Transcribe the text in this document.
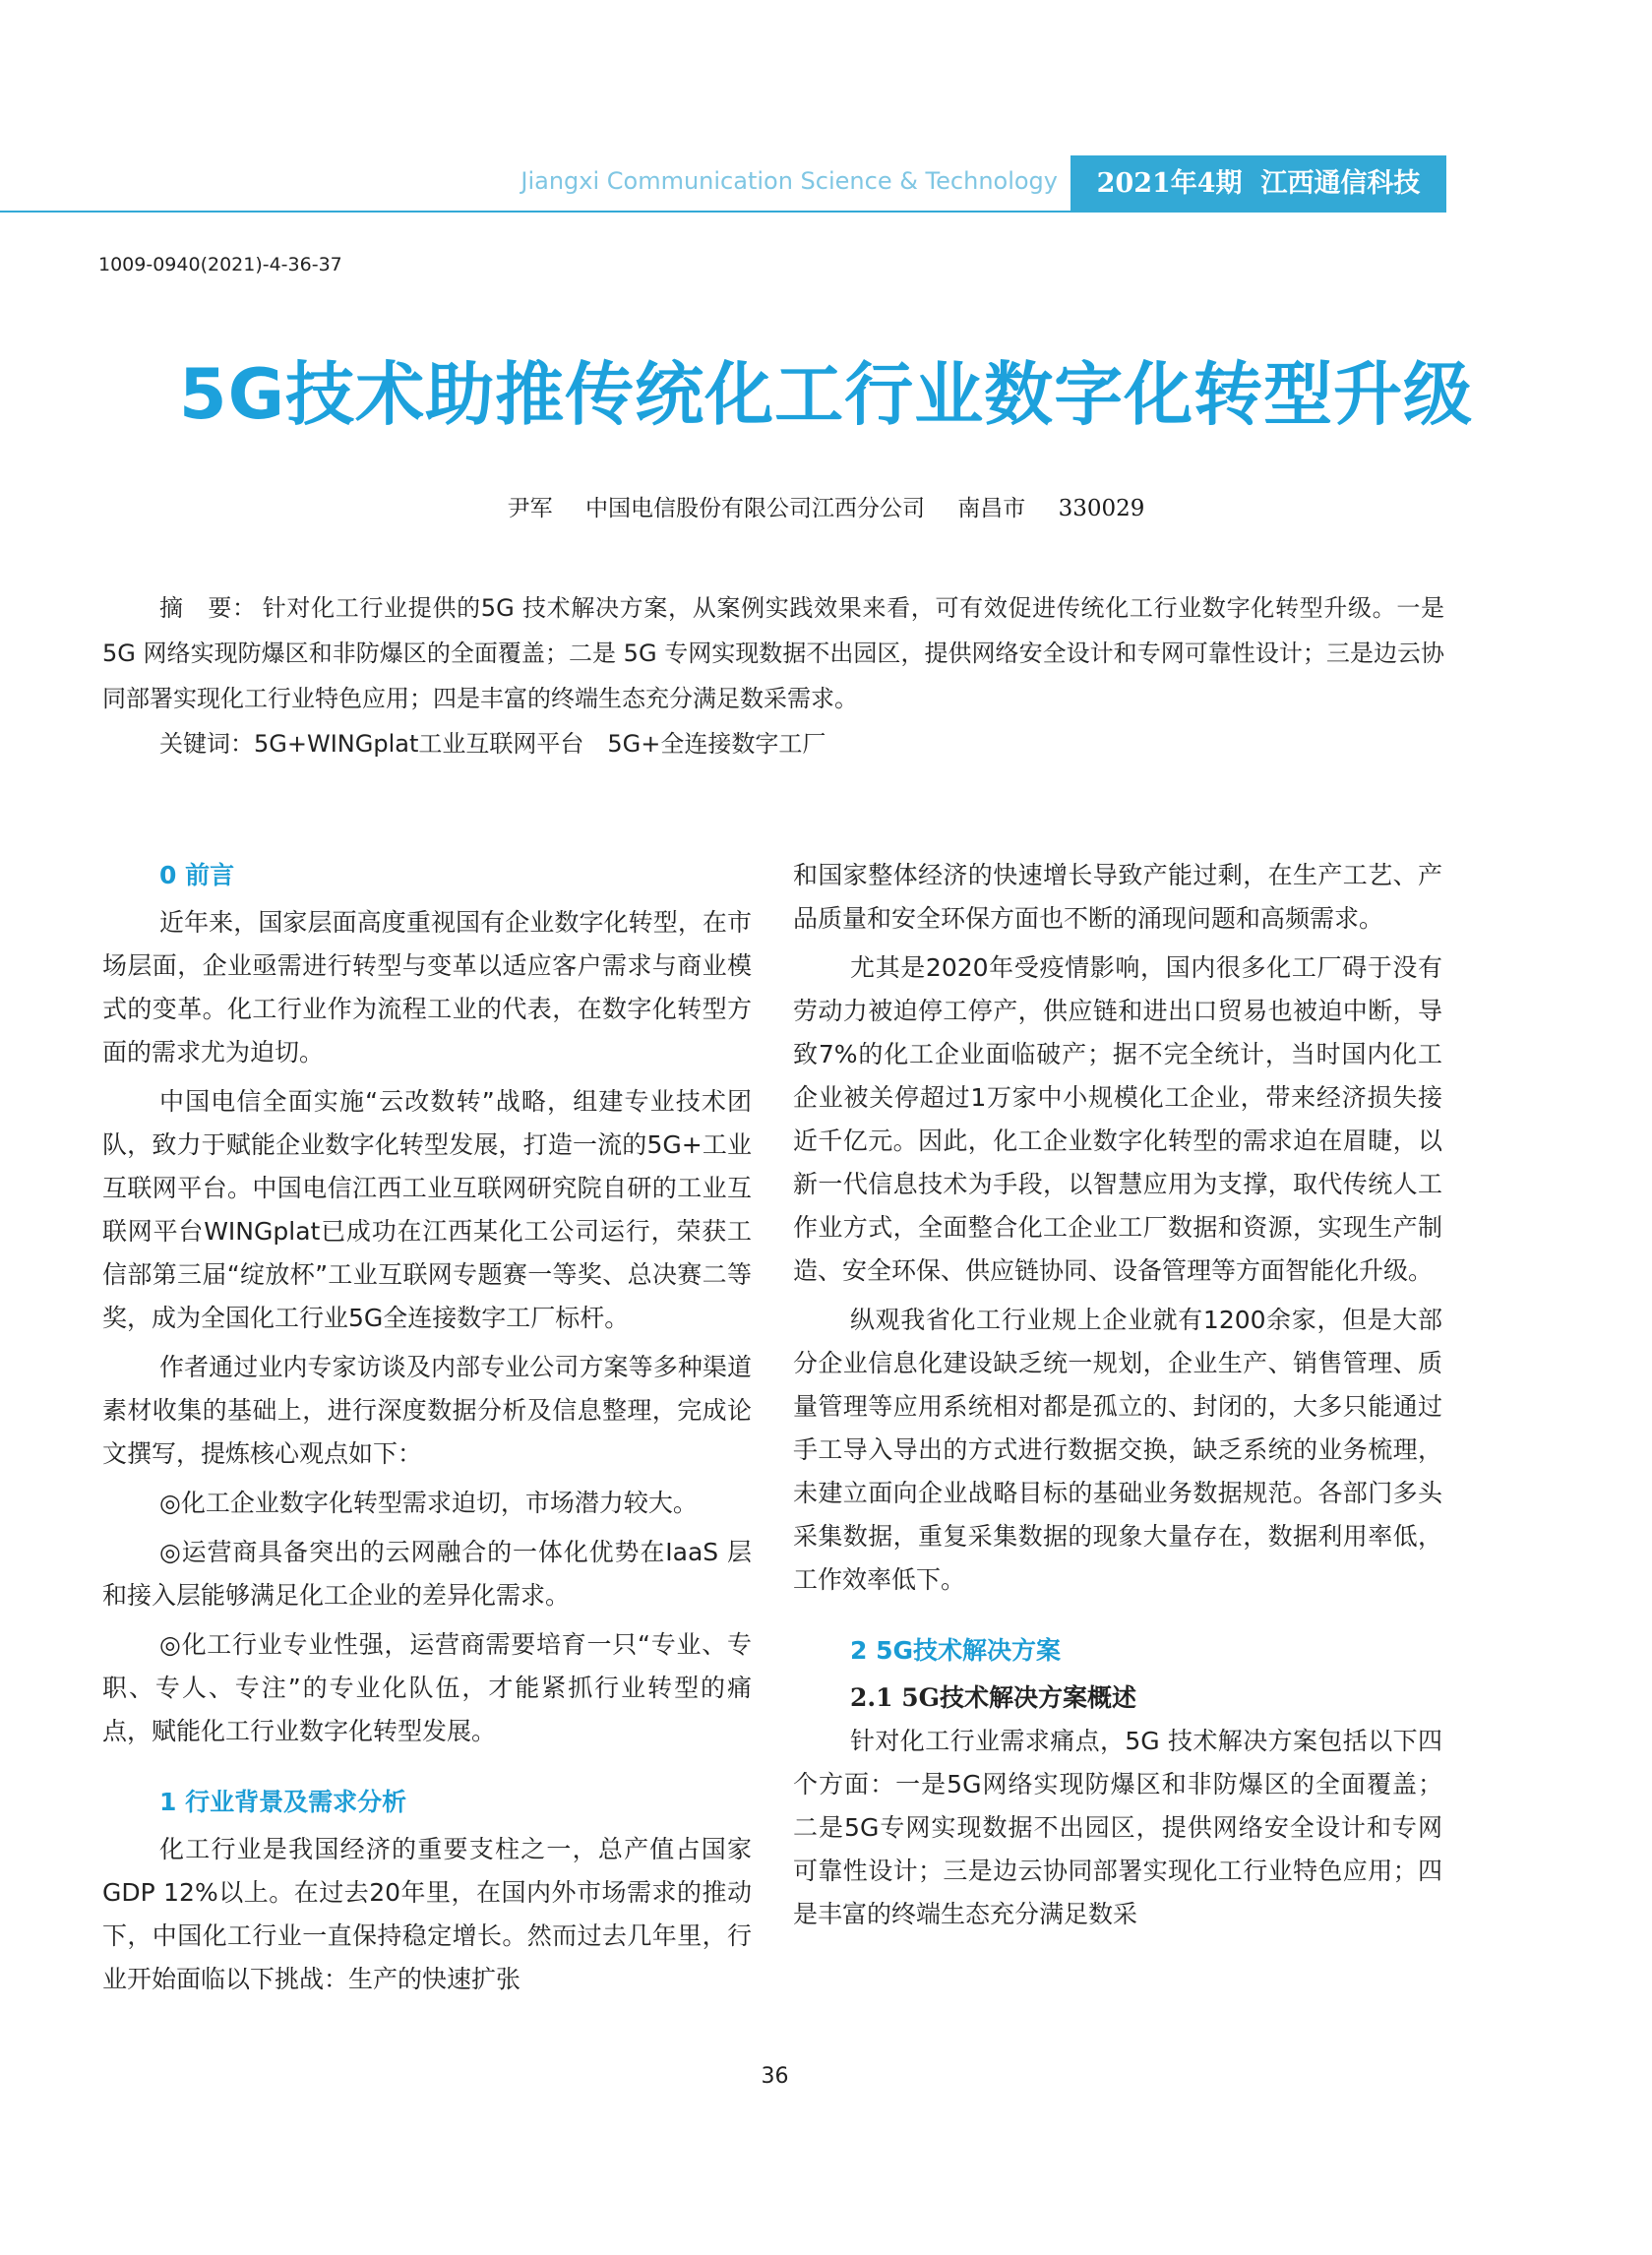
Jiangxi Communication Science & Technology	2021年4期 江西通信科技
1009-0940(2021)-4-36-37
5G技术助推传统化工行业数字化转型升级
尹军 中国电信股份有限公司江西分公司 南昌市 330029

摘　要： 针对化工行业提供的5G 技术解决方案，从案例实践效果来看，可有效促进传统化工行业数字化转型升级。一是 5G 网络实现防爆区和非防爆区的全面覆盖；二是 5G 专网实现数据不出园区，提供网络安全设计和专网可靠性设计；三是边云协同部署实现化工行业特色应用；四是丰富的终端生态充分满足数采需求。

关键词：5G+WINGplat工业互联网平台　5G+全连接数字工厂

0 前言

近年来，国家层面高度重视国有企业数字化转型，在市场层面，企业亟需进行转型与变革以适应客户需求与商业模式的变革。化工行业作为流程工业的代表，在数字化转型方面的需求尤为迫切。

中国电信全面实施“云改数转”战略，组建专业技术团队，致力于赋能企业数字化转型发展，打造一流的5G+工业互联网平台。中国电信江西工业互联网研究院自研的工业互联网平台WINGplat已成功在江西某化工公司运行，荣获工信部第三届“绽放杯”工业互联网专题赛一等奖、总决赛二等奖，成为全国化工行业5G全连接数字工厂标杆。

作者通过业内专家访谈及内部专业公司方案等多种渠道素材收集的基础上，进行深度数据分析及信息整理，完成论文撰写，提炼核心观点如下：

◎化工企业数字化转型需求迫切，市场潜力较大。

◎运营商具备突出的云网融合的一体化优势在IaaS 层和接入层能够满足化工企业的差异化需求。

◎化工行业专业性强，运营商需要培育一只“专业、专职、专人、专注”的专业化队伍，才能紧抓行业转型的痛点，赋能化工行业数字化转型发展。

1 行业背景及需求分析

化工行业是我国经济的重要支柱之一，总产值占国家GDP 12%以上。在过去20年里，在国内外市场需求的推动下，中国化工行业一直保持稳定增长。然而过去几年里，行业开始面临以下挑战：生产的快速扩张

和国家整体经济的快速增长导致产能过剩，在生产工艺、产品质量和安全环保方面也不断的涌现问题和高频需求。

尤其是2020年受疫情影响，国内很多化工厂碍于没有劳动力被迫停工停产，供应链和进出口贸易也被迫中断，导致7%的化工企业面临破产；据不完全统计，当时国内化工企业被关停超过1万家中小规模化工企业，带来经济损失接近千亿元。因此，化工企业数字化转型的需求迫在眉睫，以新一代信息技术为手段，以智慧应用为支撑，取代传统人工作业方式，全面整合化工企业工厂数据和资源，实现生产制造、安全环保、供应链协同、设备管理等方面智能化升级。

纵观我省化工行业规上企业就有1200余家，但是大部分企业信息化建设缺乏统一规划，企业生产、销售管理、质量管理等应用系统相对都是孤立的、封闭的，大多只能通过手工导入导出的方式进行数据交换，缺乏系统的业务梳理，未建立面向企业战略目标的基础业务数据规范。各部门多头采集数据，重复采集数据的现象大量存在，数据利用率低，工作效率低下。

2 5G技术解决方案
2.1 5G技术解决方案概述

针对化工行业需求痛点，5G 技术解决方案包括以下四个方面：一是5G网络实现防爆区和非防爆区的全面覆盖；二是5G专网实现数据不出园区，提供网络安全设计和专网可靠性设计；三是边云协同部署实现化工行业特色应用；四是丰富的终端生态充分满足数采

36
